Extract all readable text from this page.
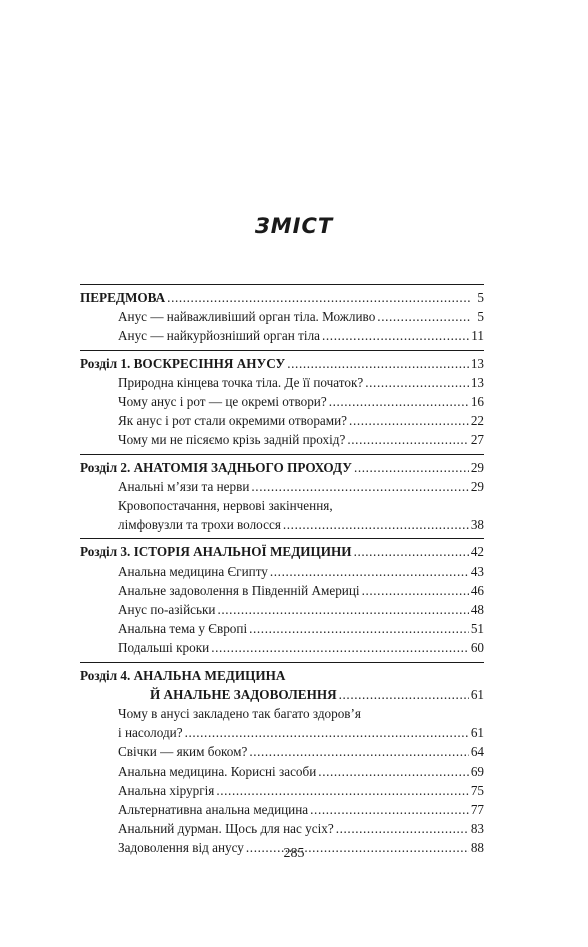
ЗМІСТ
ПЕРЕДМОВА .....	5
Анус — найважливіший орган тіла. Можливо .....	5
Анус — найкурйозніший орган тіла .....	11
Розділ 1.
ВОСКРЕСІННЯ АНУСУ .....	13
Природна кінцева точка тіла. Де її початок? .....	13
Чому анус і рот — це окремі отвори? .....	16
Як анус і рот стали окремими отворами? .....	22
Чому ми не пісяємо крізь задній прохід? .....	27
Розділ 2.
АНАТОМІЯ ЗАДНЬОГО ПРОХОДУ .....	29
Анальні м’язи та нерви .....	29
Кровопостачання, нервові закінчення,
лімфовузли та трохи волосся .....	38
Розділ 3.
ІСТОРІЯ АНАЛЬНОЇ МЕДИЦИНИ .....	42
Анальна медицина Єгипту .....	43
Анальне задоволення в Південній Америці .....	46
Анус по-азійськи .....	48
Анальна тема у Європі .....	51
Подальші кроки .....	60
Розділ 4.
АНАЛЬНА МЕДИЦИНА
Й АНАЛЬНЕ ЗАДОВОЛЕННЯ .....	61
Чому в анусі закладено так багато здоров’я
і насолоди? .....	61
Свічки — яким боком? .....	64
Анальна медицина. Корисні засоби .....	69
Анальна хірургія .....	75
Альтернативна анальна медицина .....	77
Анальний дурман. Щось для нас усіх? .....	83
Задоволення від анусу .....	88
285
